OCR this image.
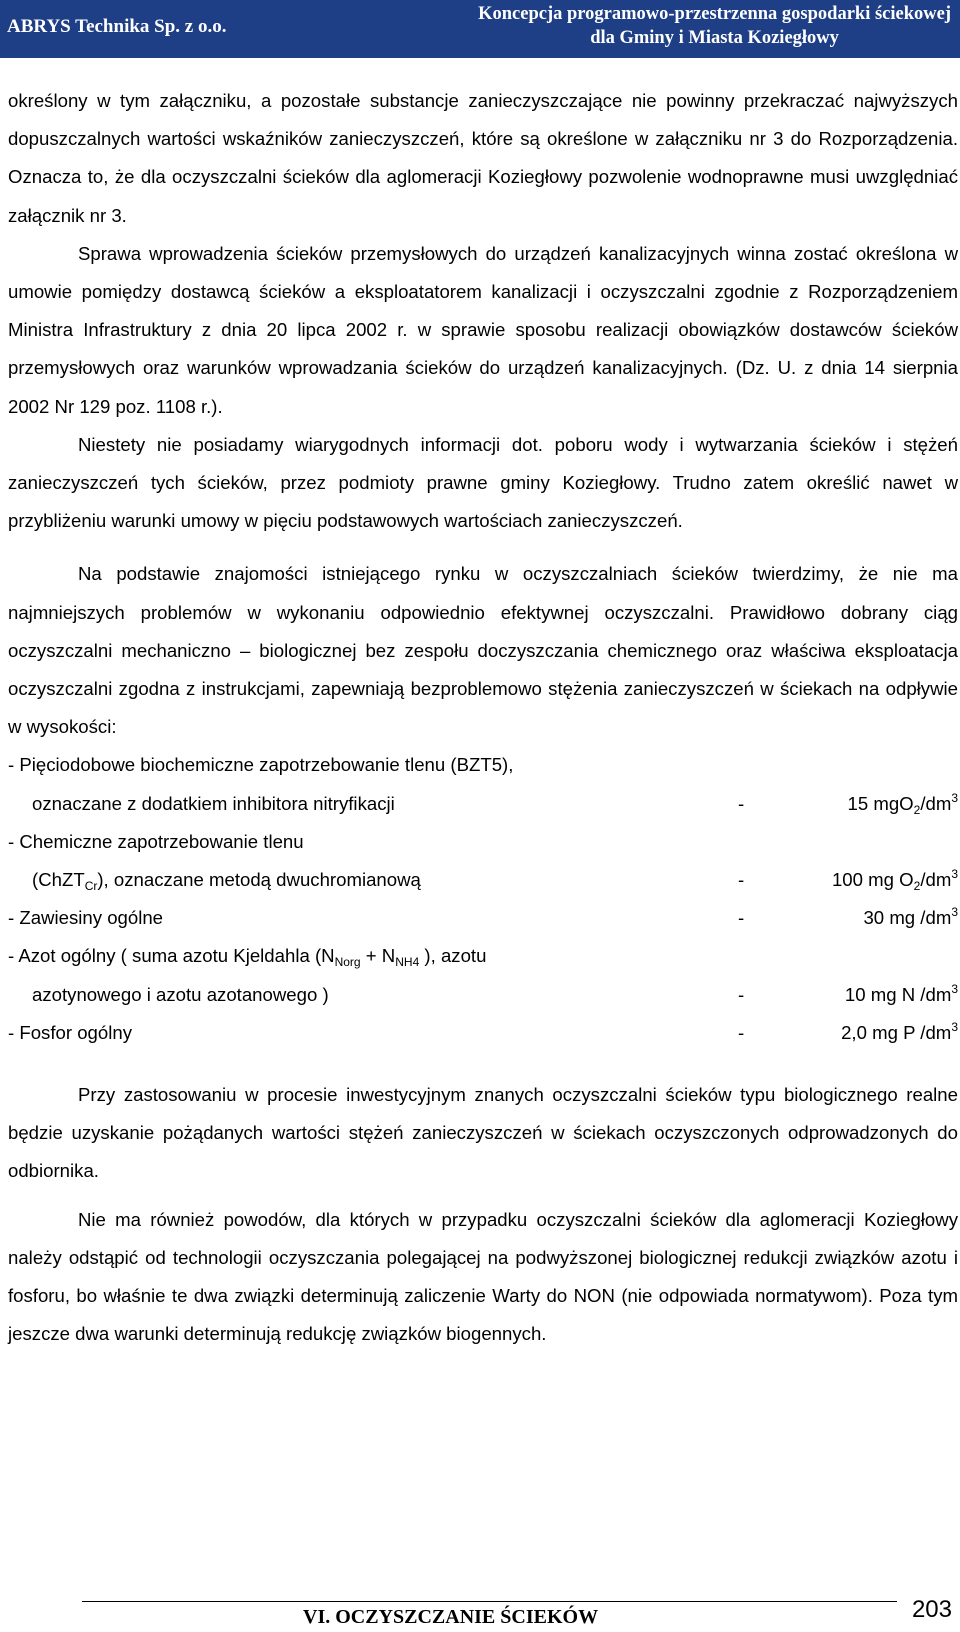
ABRYS Technika Sp. z o.o.
Koncepcja programowo-przestrzenna gospodarki ściekowej
dla Gminy i Miasta Koziegłowy

określony w tym załączniku, a pozostałe substancje zanieczyszczające nie powinny przekraczać najwyższych dopuszczalnych wartości wskaźników zanieczyszczeń, które są określone w załączniku nr 3 do Rozporządzenia. Oznacza to, że dla oczyszczalni ścieków dla aglomeracji Koziegłowy pozwolenie wodnoprawne musi uwzględniać załącznik nr 3.

Sprawa wprowadzenia ścieków przemysłowych do urządzeń kanalizacyjnych winna zostać określona w umowie pomiędzy dostawcą ścieków a eksploatatorem kanalizacji i oczyszczalni zgodnie z Rozporządzeniem Ministra Infrastruktury z dnia 20 lipca 2002 r. w sprawie sposobu realizacji obowiązków dostawców ścieków przemysłowych oraz warunków wprowadzania ścieków do urządzeń kanalizacyjnych. (Dz. U. z dnia 14 sierpnia 2002 Nr 129 poz. 1108 r.).

Niestety nie posiadamy wiarygodnych informacji dot. poboru wody i wytwarzania ścieków i stężeń zanieczyszczeń tych ścieków, przez podmioty prawne gminy Koziegłowy. Trudno zatem określić nawet w przybliżeniu warunki umowy w pięciu podstawowych wartościach zanieczyszczeń.

Na podstawie znajomości istniejącego rynku w oczyszczalniach ścieków twierdzimy, że nie ma najmniejszych problemów w wykonaniu odpowiednio efektywnej oczyszczalni. Prawidłowo dobrany ciąg oczyszczalni mechaniczno – biologicznej bez zespołu doczyszczania chemicznego oraz właściwa eksploatacja oczyszczalni zgodna z instrukcjami, zapewniają bezproblemowo stężenia zanieczyszczeń w ściekach na odpływie w wysokości:

- Pięciodobowe biochemiczne zapotrzebowanie tlenu (BZT5),
oznaczane z dodatkiem inhibitora nitryfikacji	-	15 $mgO_2/dm^3$
- Chemiczne zapotrzebowanie tlenu
(ChZT$_{Cr}$), oznaczane metodą dwuchromianową	-	100 mg $O_2/dm^3$
- Zawiesiny ogólne	-	30 mg $/dm^3$
- Azot ogólny ( suma azotu Kjeldahla ($N_{Norg} + N_{NH4}$ ), azotu
azotynowego i azotu azotanowego )	-	10 mg N $/dm^3$
- Fosfor ogólny	-	2,0 mg P $/dm^3$

Przy zastosowaniu w procesie inwestycyjnym znanych oczyszczalni ścieków typu biologicznego realne będzie uzyskanie pożądanych wartości stężeń zanieczyszczeń w ściekach oczyszczonych odprowadzonych do odbiornika.

Nie ma również powodów, dla których w przypadku oczyszczalni ścieków dla aglomeracji Koziegłowy należy odstąpić od technologii oczyszczania polegającej na podwyższonej biologicznej redukcji związków azotu i fosforu, bo właśnie te dwa związki determinują zaliczenie Warty do NON (nie odpowiada normatywom). Poza tym jeszcze dwa warunki determinują redukcję związków biogennych.

VI. OCZYSZCZANIE ŚCIEKÓW	203
